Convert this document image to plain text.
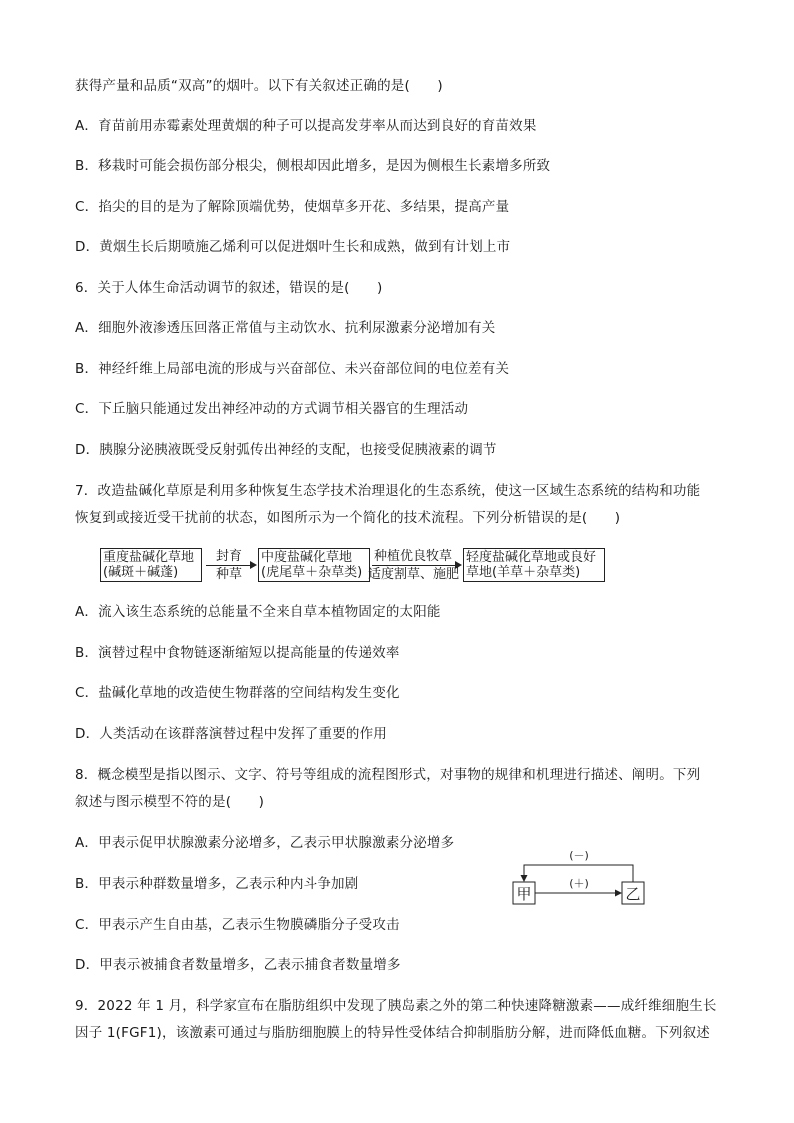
获得产量和品质“双高”的烟叶。以下有关叙述正确的是(　　)
A．育苗前用赤霉素处理黄烟的种子可以提高发芽率从而达到良好的育苗效果
B．移栽时可能会损伤部分根尖，侧根却因此增多，是因为侧根生长素增多所致
C．掐尖的目的是为了解除顶端优势，使烟草多开花、多结果，提高产量
D．黄烟生长后期喷施乙烯利可以促进烟叶生长和成熟，做到有计划上市
6．关于人体生命活动调节的叙述，错误的是(　　)
A．细胞外液渗透压回落正常值与主动饮水、抗利尿激素分泌增加有关
B．神经纤维上局部电流的形成与兴奋部位、未兴奋部位间的电位差有关
C．下丘脑只能通过发出神经冲动的方式调节相关器官的生理活动
D．胰腺分泌胰液既受反射弧传出神经的支配，也接受促胰液素的调节
7．改造盐碱化草原是利用多种恢复生态学技术治理退化的生态系统，使这一区域生态系统的结构和功能
恢复到或接近受干扰前的状态，如图所示为一个简化的技术流程。下列分析错误的是(　　)
重度盐碱化草地
(碱斑＋碱蓬)
封育
种草
中度盐碱化草地
(虎尾草＋杂草类)
种植优良牧草
适度割草、施肥
轻度盐碱化草地或良好
草地(羊草＋杂草类)
A．流入该生态系统的总能量不全来自草本植物固定的太阳能
B．演替过程中食物链逐渐缩短以提高能量的传递效率
C．盐碱化草地的改造使生物群落的空间结构发生变化
D．人类活动在该群落演替过程中发挥了重要的作用
8．概念模型是指以图示、文字、符号等组成的流程图形式，对事物的规律和机理进行描述、阐明。下列
叙述与图示模型不符的是(　　)
A．甲表示促甲状腺激素分泌增多，乙表示甲状腺激素分泌增多
B．甲表示种群数量增多，乙表示种内斗争加剧
C．甲表示产生自由基，乙表示生物膜磷脂分子受攻击
D．甲表示被捕食者数量增多，乙表示捕食者数量增多
9．2022 年 1 月，科学家宣布在脂肪组织中发现了胰岛素之外的第二种快速降糖激素——成纤维细胞生长
因子 1(FGF1)，该激素可通过与脂肪细胞膜上的特异性受体结合抑制脂肪分解，进而降低血糖。下列叙述
甲	乙
(＋)
(－)
